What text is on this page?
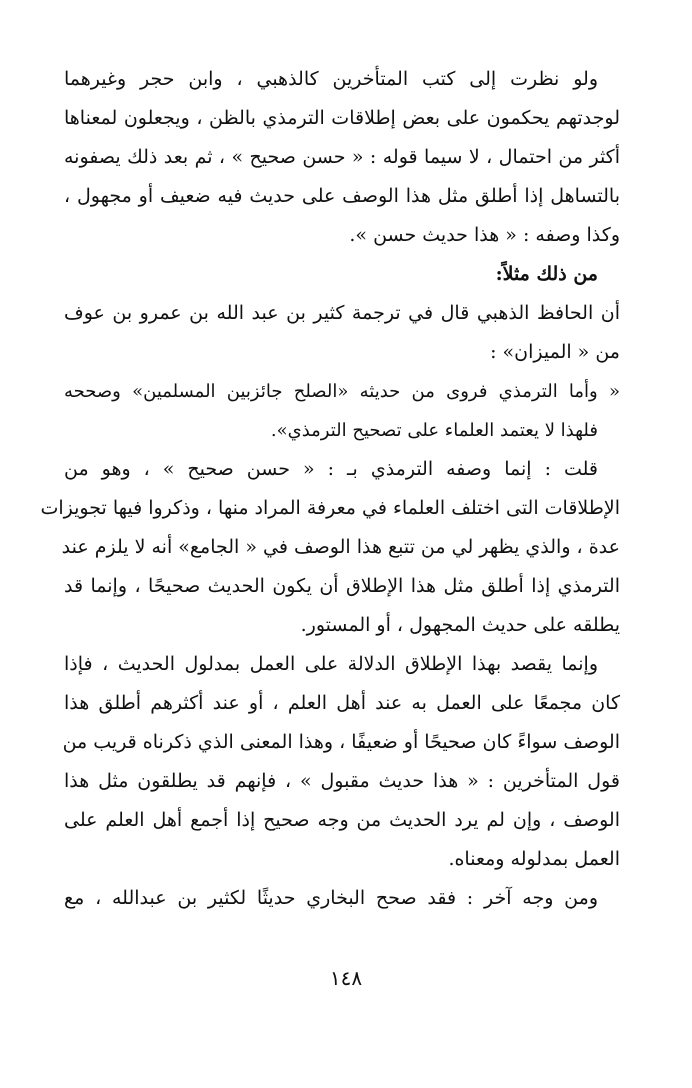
ولو نظرت إلى كتب المتأخرين كالذهبي ، وابن حجر وغيرهما
لوجدتهم يحكمون على بعض إطلاقات الترمذي بالظن ، ويجعلون لمعناها
أكثر من احتمال ، لا سيما قوله : « حسن صحيح » ، ثم بعد ذلك يصفونه
بالتساهل إذا أطلق مثل هذا الوصف على حديث فيه ضعيف أو مجهول ،
وكذا وصفه : « هذا حديث حسن ».

من ذلك مثلاً:

أن الحافظ الذهبي قال في ترجمة كثير بن عبد الله بن عمرو بن عوف
من « الميزان» :

« وأما الترمذي فروى من حديثه «الصلح جائزبين المسلمين» وصححه
فلهذا لا يعتمد العلماء على تصحيح الترمذي».

قلت : إنما وصفه الترمذي بـ : « حسن صحيح » ، وهو من
الإطلاقات التى اختلف العلماء في معرفة المراد منها ، وذكروا فيها تجويزات
عدة ، والذي يظهر لي من تتبع هذا الوصف في « الجامع» أنه لا يلزم عند
الترمذي إذا أطلق مثل هذا الإطلاق أن يكون الحديث صحيحًا ، وإنما قد
يطلقه على حديث المجهول ، أو المستور.

وإنما يقصد بهذا الإطلاق الدلالة على العمل بمدلول الحديث ، فإذا
كان مجمعًا على العمل به عند أهل العلم ، أو عند أكثرهم أطلق هذا
الوصف سواءً كان صحيحًا أو ضعيفًا ، وهذا المعنى الذي ذكرناه قريب من
قول المتأخرين : « هذا حديث مقبول » ، فإنهم قد يطلقون مثل هذا
الوصف ، وإن لم يرد الحديث من وجه صحيح إذا أجمع أهل العلم على
العمل بمدلوله ومعناه.

ومن وجه آخر : فقد صحح البخاري حديثًا لكثير بن عبدالله ، مع

١٤٨
